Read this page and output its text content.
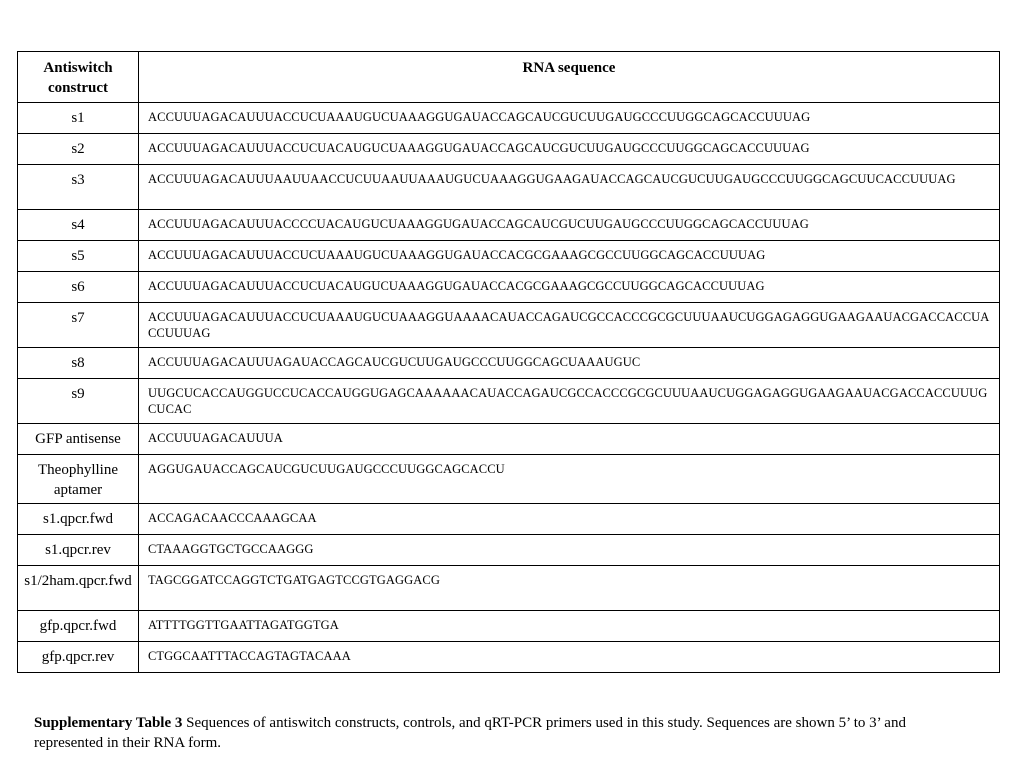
Antiswitch construct	RNA sequence
s1	ACCUUUAGACAUUUACCUCUAAAUGUCUAAAGGUGAUACCAGCAUCGUCUUGAUGCCCUUGGCAGCACCUUUAG
s2	ACCUUUAGACAUUUACCUCUACAUGUCUAAAGGUGAUACCAGCAUCGUCUUGAUGCCCUUGGCAGCACCUUUAG
s3	ACCUUUAGACAUUUAAUUAACCUCUUAAUUAAAUGUCUAAAGGUGAAGAUACCAGCAUCGUCUUGAUGCCCUUGGCAGCUUCACCUUUAG
s4	ACCUUUAGACAUUUACCCCUACAUGUCUAAAGGUGAUACCAGCAUCGUCUUGAUGCCCUUGGCAGCACCUUUAG
s5	ACCUUUAGACAUUUACCUCUAAAUGUCUAAAGGUGAUACCACGCGAAAGCGCCUUGGCAGCACCUUUAG
s6	ACCUUUAGACAUUUACCUCUACAUGUCUAAAGGUGAUACCACGCGAAAGCGCCUUGGCAGCACCUUUAG
s7	ACCUUUAGACAUUUACCUCUAAAUGUCUAAAGGUAAAACAUACCAGAUCGCCACCCGCGCUUUAAUCUGGAGAGGUGAAGAAUACGACCACCUACCUUUAG
s8	ACCUUUAGACAUUUAGAUACCAGCAUCGUCUUGAUGCCCUUGGCAGCUAAAUGUC
s9	UUGCUCACCAUGGUCCUCACCAUGGUGAGCAAAAAACAUACCAGAUCGCCACCCGCGCUUUAAUCUGGAGAGGUGAAGAAUACGACCACCUUUGCUCAC
GFP antisense	ACCUUUAGACAUUUA
Theophylline aptamer	AGGUGAUACCAGCAUCGUCUUGAUGCCCUUGGCAGCACCU
s1.qpcr.fwd	ACCAGACAACCCAAAGCAA
s1.qpcr.rev	CTAAAGGTGCTGCCAAGGG
s1/2ham.qpcr.fwd	TAGCGGATCCAGGTCTGATGAGTCCGTGAGGACG
gfp.qpcr.fwd	ATTTTGGTTGAATTAGATGGTGA
gfp.qpcr.rev	CTGGCAATTTACCAGTAGTACAAA
Supplementary Table 3 Sequences of antiswitch constructs, controls, and qRT-PCR primers used in this study. Sequences are shown 5’ to 3’ and represented in their RNA form.
